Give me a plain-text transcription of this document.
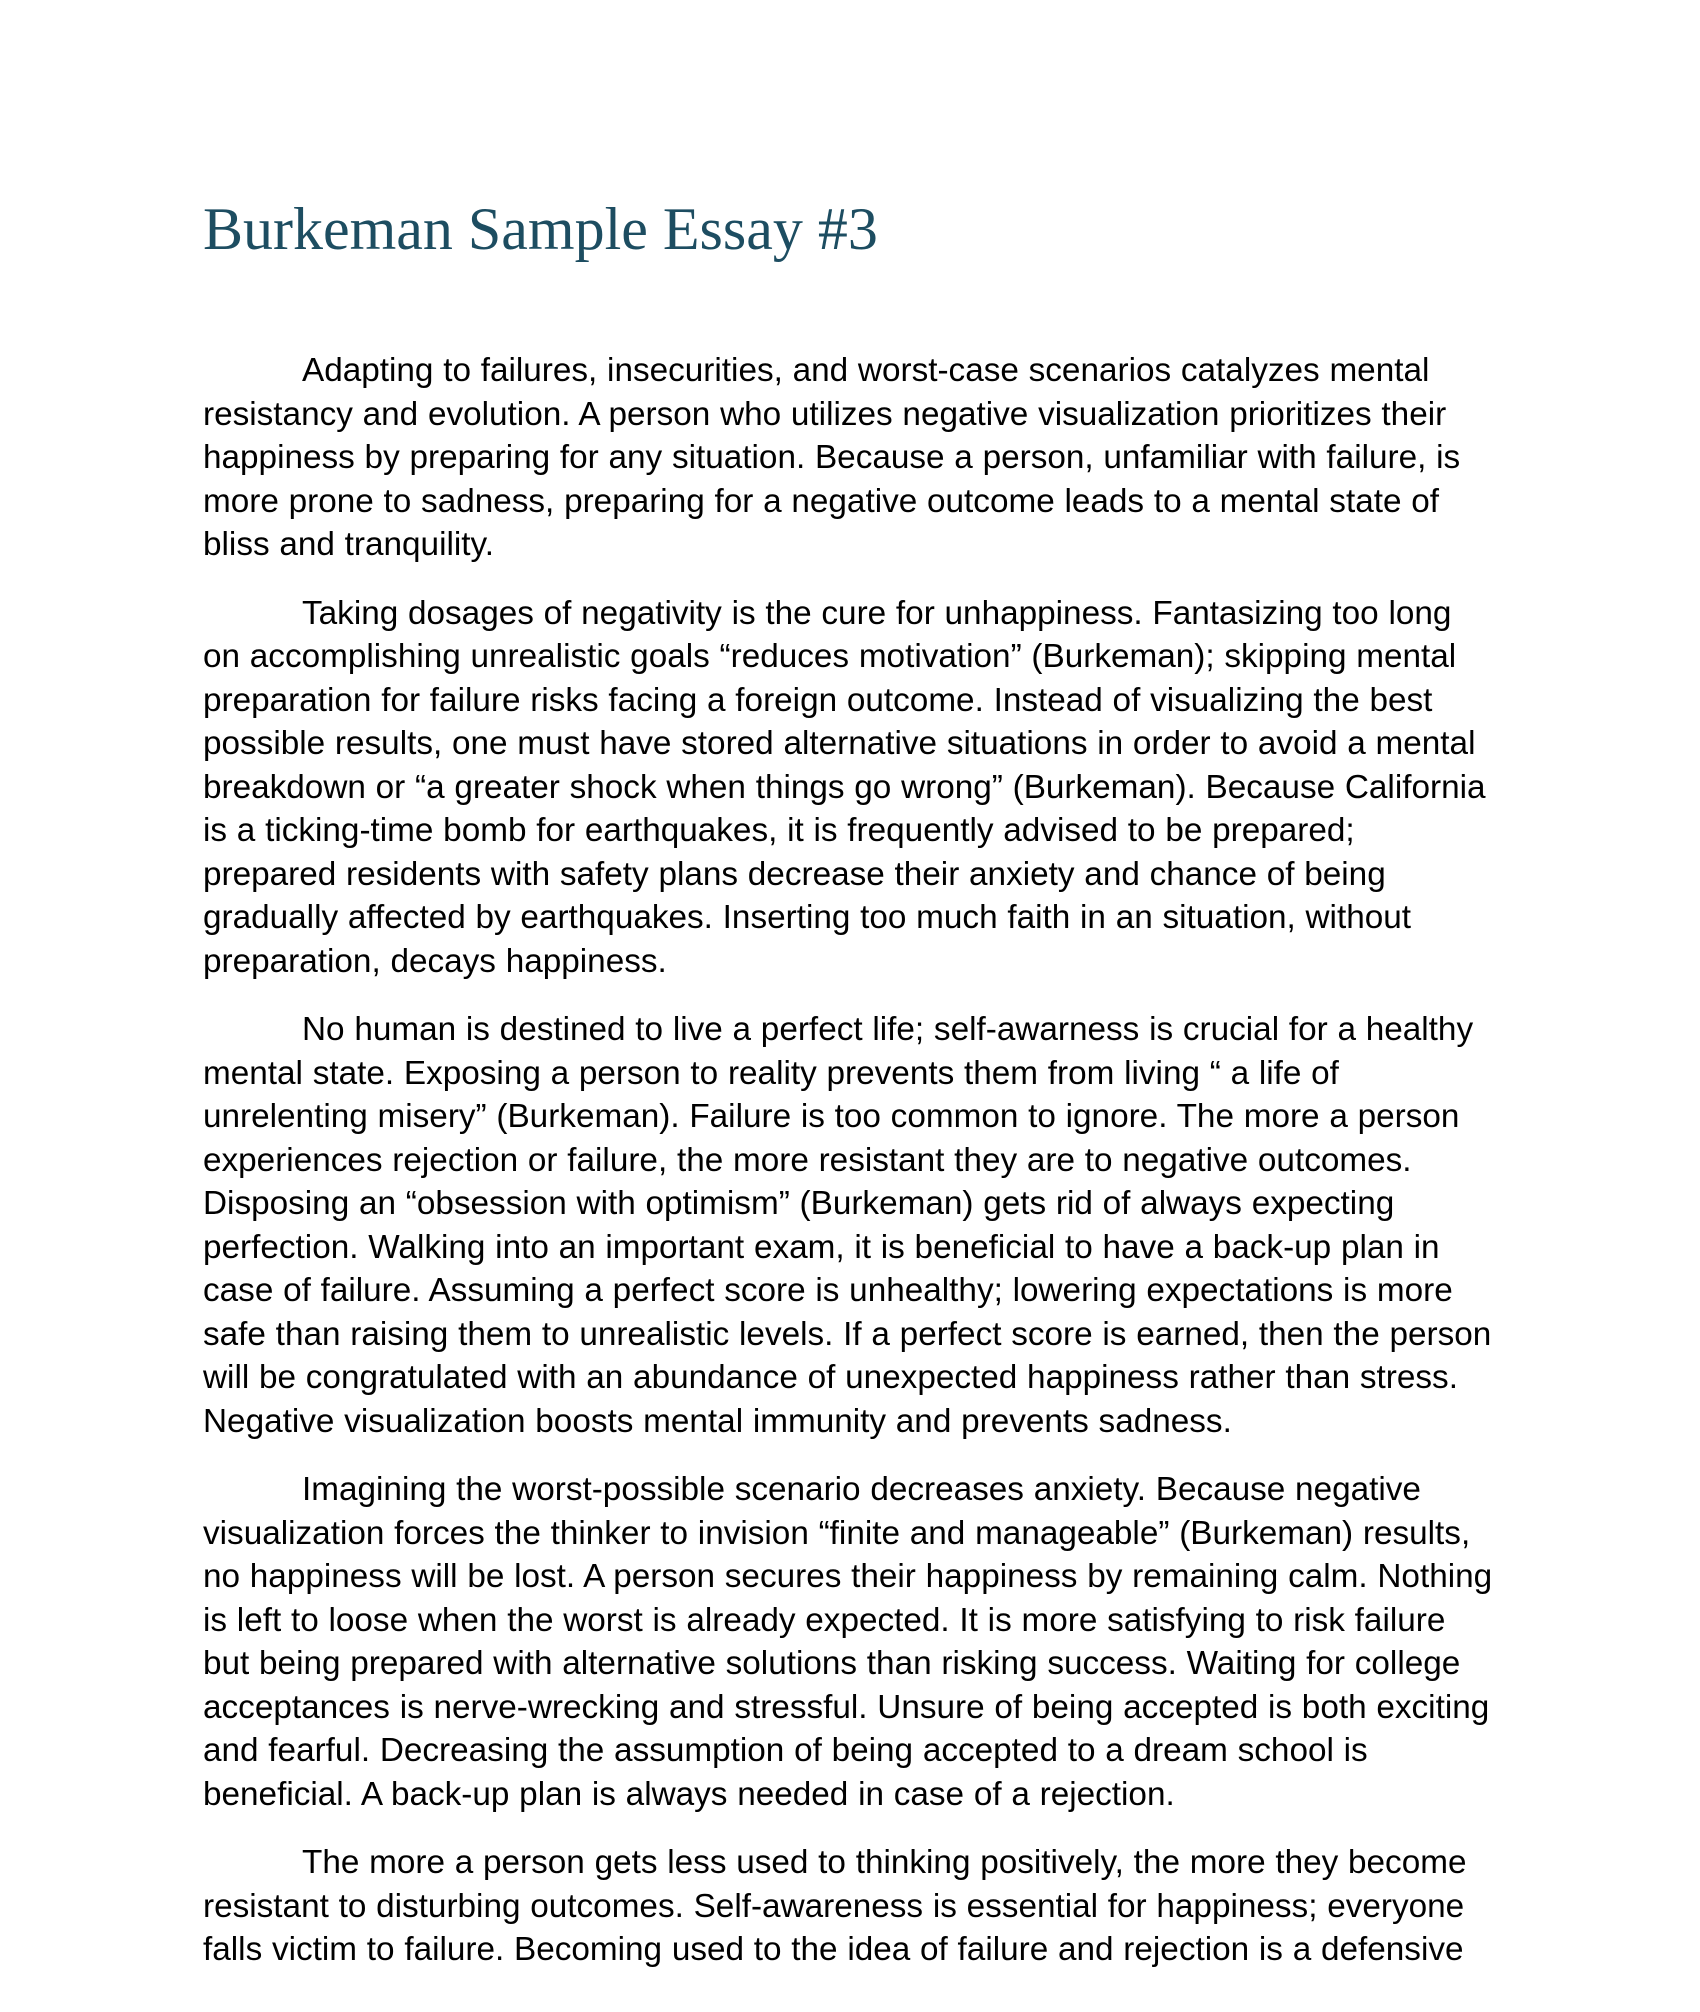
Burkeman Sample Essay #3

Adapting to failures, insecurities, and worst-case scenarios catalyzes mental resistancy and evolution. A person who utilizes negative visualization prioritizes their happiness by preparing for any situation. Because a person, unfamiliar with failure, is more prone to sadness, preparing for a negative outcome leads to a mental state of bliss and tranquility.

Taking dosages of negativity is the cure for unhappiness. Fantasizing too long on accomplishing unrealistic goals “reduces motivation” (Burkeman); skipping mental preparation for failure risks facing a foreign outcome. Instead of visualizing the best possible results, one must have stored alternative situations in order to avoid a mental breakdown or “a greater shock when things go wrong” (Burkeman). Because California is a ticking-time bomb for earthquakes, it is frequently advised to be prepared; prepared residents with safety plans decrease their anxiety and chance of being gradually affected by earthquakes. Inserting too much faith in an situation, without preparation, decays happiness.

No human is destined to live a perfect life; self-awarness is crucial for a healthy mental state. Exposing a person to reality prevents them from living “ a life of unrelenting misery” (Burkeman). Failure is too common to ignore. The more a person experiences rejection or failure, the more resistant they are to negative outcomes. Disposing an “obsession with optimism” (Burkeman) gets rid of always expecting perfection. Walking into an important exam, it is beneficial to have a back-up plan in case of failure. Assuming a perfect score is unhealthy; lowering expectations is more safe than raising them to unrealistic levels. If a perfect score is earned, then the person will be congratulated with an abundance of unexpected happiness rather than stress. Negative visualization boosts mental immunity and prevents sadness.

Imagining the worst-possible scenario decreases anxiety. Because negative visualization forces the thinker to invision “finite and manageable” (Burkeman) results, no happiness will be lost. A person secures their happiness by remaining calm. Nothing is left to loose when the worst is already expected. It is more satisfying to risk failure but being prepared with alternative solutions than risking success. Waiting for college acceptances is nerve-wrecking and stressful. Unsure of being accepted is both exciting and fearful. Decreasing the assumption of being accepted to a dream school is beneficial. A back-up plan is always needed in case of a rejection.

The more a person gets less used to thinking positively, the more they become resistant to disturbing outcomes. Self-awareness is essential for happiness; everyone falls victim to failure. Becoming used to the idea of failure and rejection is a defensive
